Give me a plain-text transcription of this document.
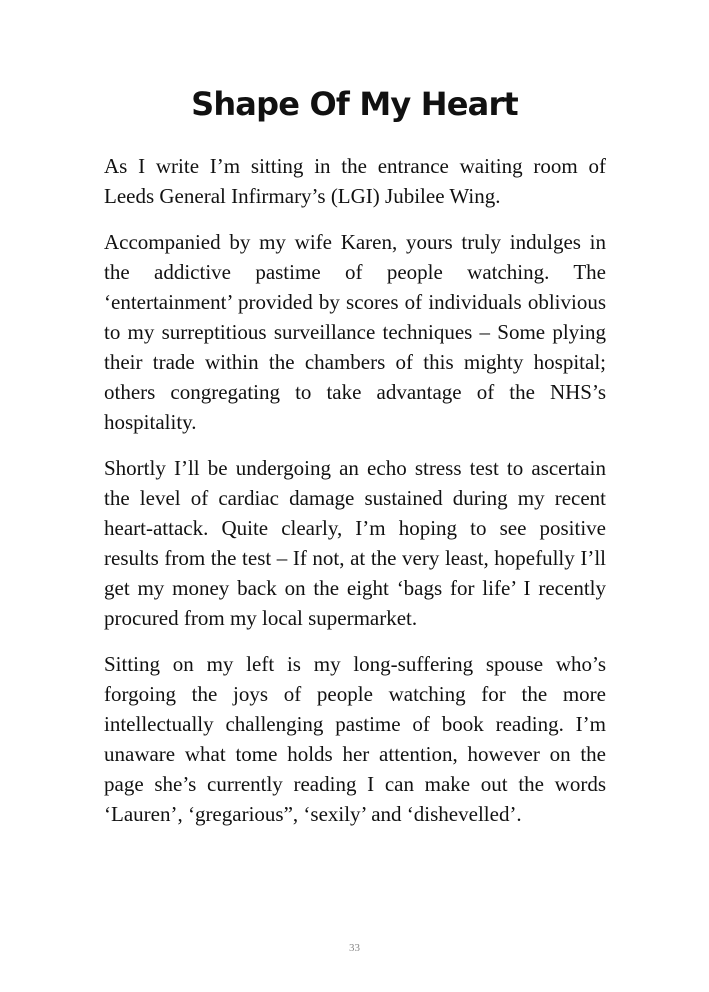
Shape Of My Heart

As I write I’m sitting in the entrance waiting room of Leeds General Infirmary’s (LGI) Jubilee Wing.

Accompanied by my wife Karen, yours truly indulges in the addictive pastime of people watching. The ‘entertainment’ provided by scores of individuals oblivious to my surreptitious surveillance techniques – Some plying their trade within the chambers of this mighty hospital; others congregating to take advantage of the NHS’s hospitality.

Shortly I’ll be undergoing an echo stress test to ascertain the level of cardiac damage sustained during my recent heart-attack. Quite clearly, I’m hoping to see positive results from the test – If not, at the very least, hopefully I’ll get my money back on the eight ‘bags for life’ I recently procured from my local supermarket.

Sitting on my left is my long-suffering spouse who’s forgoing the joys of people watching for the more intellectually challenging pastime of book reading. I’m unaware what tome holds her attention, however on the page she’s currently reading I can make out the words ‘Lauren’, ‘gregarious”, ‘sexily’ and ‘dishevelled’.

33
